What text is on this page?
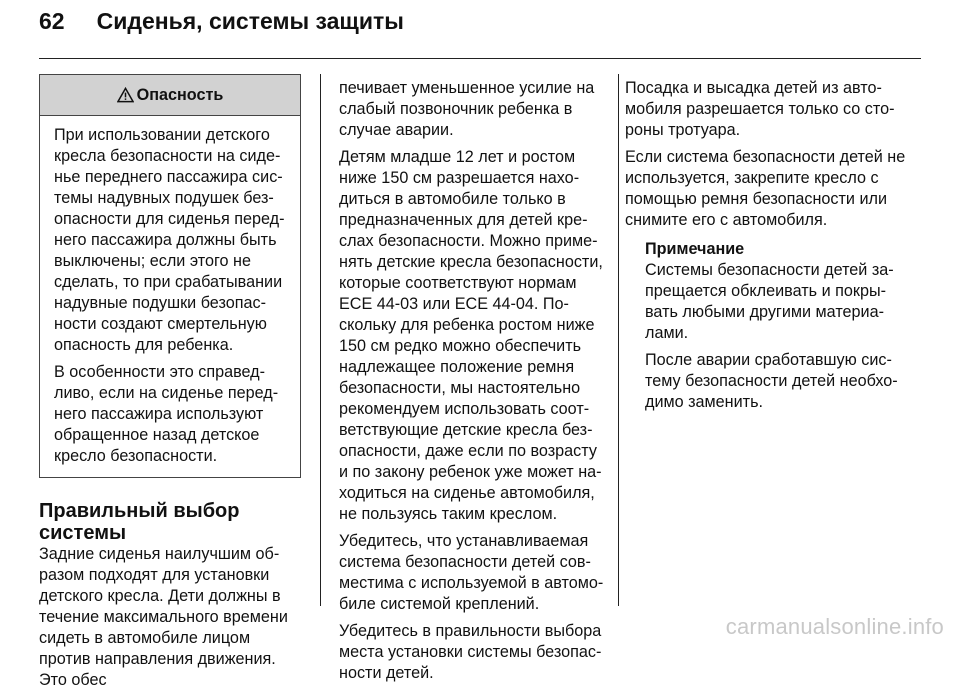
62 Сиденья, системы защиты
Опасность

При использовании детского кресла безопасности на сиденье переднего пассажира системы надувных подушек безопасности для сиденья переднего пассажира должны быть выключены; если этого не сделать, то при срабатывании надувные подушки безопасности создают смертельную опасность для ребенка.

В особенности это справедливо, если на сиденье переднего пассажира используют обращенное назад детское кресло безопасности.

Правильный выбор системы

Задние сиденья наилучшим образом подходят для установки детского кресла. Дети должны в течение максимального времени сидеть в автомобиле лицом против направления движения. Это обес

печивает уменьшенное усилие на слабый позвоночник ребенка в случае аварии.

Детям младше 12 лет и ростом ниже 150 см разрешается находиться в автомобиле только в предназначенных для детей креслах безопасности. Можно применять детские кресла безопасности, которые соответствуют нормам ECE 44-03 или ECE 44-04. Поскольку для ребенка ростом ниже 150 см редко можно обеспечить надлежащее положение ремня безопасности, мы настоятельно рекомендуем использовать соответствующие детские кресла безопасности, даже если по возрасту и по закону ребенок уже может находиться на сиденье автомобиля, не пользуясь таким креслом.

Убедитесь, что устанавливаемая система безопасности детей совместима с используемой в автомобиле системой креплений.

Убедитесь в правильности выбора места установки системы безопасности детей.

Посадка и высадка детей из автомобиля разрешается только со стороны тротуара.

Если система безопасности детей не используется, закрепите кресло с помощью ремня безопасности или снимите его с автомобиля.

Примечание

Системы безопасности детей запрещается обклеивать и покрывать любыми другими материалами.

После аварии сработавшую систему безопасности детей необходимо заменить.

carmanualsonline.info
